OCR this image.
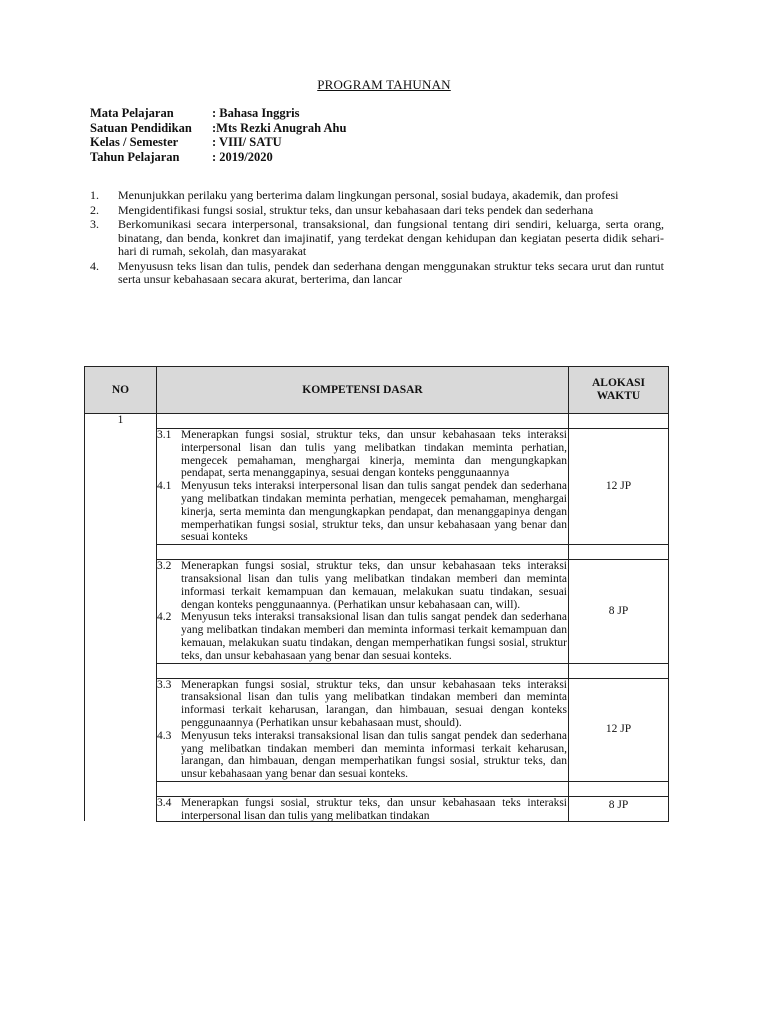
PROGRAM TAHUNAN
Mata Pelajaran	: Bahasa Inggris
Satuan Pendidikan	:Mts Rezki Anugrah Ahu
Kelas / Semester	: VIII/ SATU
Tahun Pelajaran	: 2019/2020
1.	Menunjukkan perilaku yang berterima dalam lingkungan personal, sosial budaya, akademik, dan profesi
2.	Mengidentifikasi fungsi sosial, struktur teks, dan unsur kebahasaan dari teks pendek dan sederhana
3.	Berkomunikasi secara interpersonal, transaksional, dan fungsional tentang diri sendiri, keluarga, serta orang, binatang, dan benda, konkret dan imajinatif, yang terdekat dengan kehidupan dan kegiatan peserta didik sehari-hari di rumah, sekolah, dan masyarakat
4.	Menyususn teks lisan dan tulis, pendek dan sederhana dengan menggunakan struktur teks secara urut dan runtut serta unsur kebahasaan secara akurat, berterima, dan lancar
NO	KOMPETENSI DASAR	ALOKASI WAKTU
1		

	3.1 Menerapkan fungsi sosial, struktur teks, dan unsur kebahasaan teks interaksi interpersonal lisan dan tulis yang melibatkan tindakan meminta perhatian, mengecek pemahaman, menghargai kinerja, meminta dan mengungkapkan pendapat, serta menanggapinya, sesuai dengan konteks penggunaannya
4.1 Menyusun teks interaksi interpersonal lisan dan tulis sangat pendek dan sederhana yang melibatkan tindakan meminta perhatian, mengecek pemahaman, menghargai kinerja, serta meminta dan mengungkapkan pendapat, dan menanggapinya dengan memperhatikan fungsi sosial, struktur teks, dan unsur kebahasaan yang benar dan sesuai konteks	12 JP

	3.2 Menerapkan fungsi sosial, struktur teks, dan unsur kebahasaan teks interaksi transaksional lisan dan tulis yang melibatkan tindakan memberi dan meminta informasi terkait kemampuan dan kemauan, melakukan suatu tindakan, sesuai dengan konteks penggunaannya. (Perhatikan unsur kebahasaan can, will).
4.2 Menyusun teks interaksi transaksional lisan dan tulis sangat pendek dan sederhana yang melibatkan tindakan memberi dan meminta informasi terkait kemampuan dan kemauan, melakukan suatu tindakan, dengan memperhatikan fungsi sosial, struktur teks, dan unsur kebahasaan yang benar dan sesuai konteks.	8 JP

	3.3 Menerapkan fungsi sosial, struktur teks, dan unsur kebahasaan teks interaksi transaksional lisan dan tulis yang melibatkan tindakan memberi dan meminta informasi terkait keharusan, larangan, dan himbauan, sesuai dengan konteks penggunaannya (Perhatikan unsur kebahasaan must, should).
4.3 Menyusun teks interaksi transaksional lisan dan tulis sangat pendek dan sederhana yang melibatkan tindakan memberi dan meminta informasi terkait keharusan, larangan, dan himbauan, dengan memperhatikan fungsi sosial, struktur teks, dan unsur kebahasaan yang benar dan sesuai konteks.	12 JP

	3.4 Menerapkan fungsi sosial, struktur teks, dan unsur kebahasaan teks interaksi interpersonal lisan dan tulis yang melibatkan tindakan	8 JP
